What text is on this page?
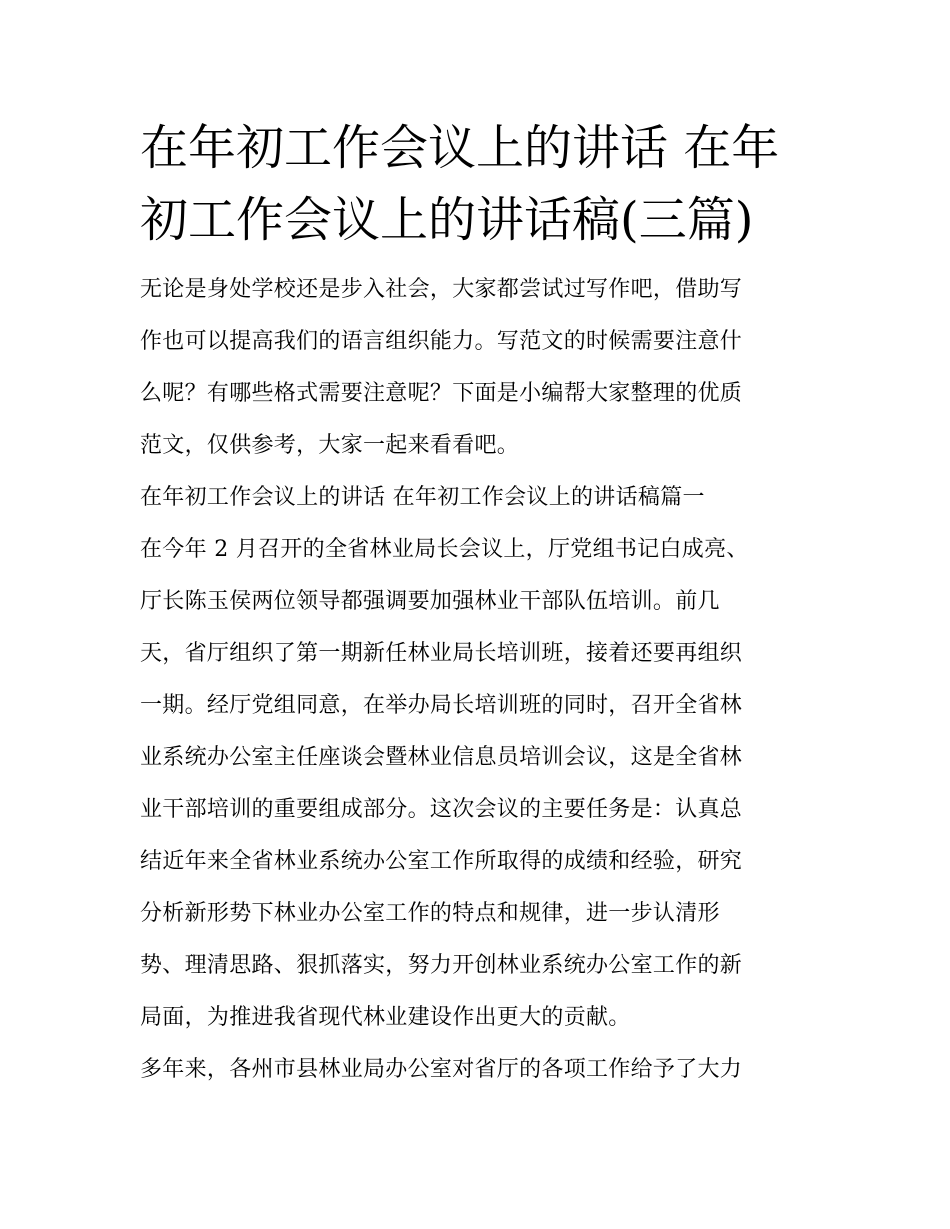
在年初工作会议上的讲话 在年
初工作会议上的讲话稿(三篇)
无论是身处学校还是步入社会，大家都尝试过写作吧，借助写
作也可以提高我们的语言组织能力。写范文的时候需要注意什
么呢？有哪些格式需要注意呢？下面是小编帮大家整理的优质
范文，仅供参考，大家一起来看看吧。
在年初工作会议上的讲话 在年初工作会议上的讲话稿篇一
在今年 2 月召开的全省林业局长会议上，厅党组书记白成亮、
厅长陈玉侯两位领导都强调要加强林业干部队伍培训。前几
天，省厅组织了第一期新任林业局长培训班，接着还要再组织
一期。经厅党组同意，在举办局长培训班的同时，召开全省林
业系统办公室主任座谈会暨林业信息员培训会议，这是全省林
业干部培训的重要组成部分。这次会议的主要任务是：认真总
结近年来全省林业系统办公室工作所取得的成绩和经验，研究
分析新形势下林业办公室工作的特点和规律，进一步认清形
势、理清思路、狠抓落实，努力开创林业系统办公室工作的新
局面，为推进我省现代林业建设作出更大的贡献。
多年来，各州市县林业局办公室对省厅的各项工作给予了大力
